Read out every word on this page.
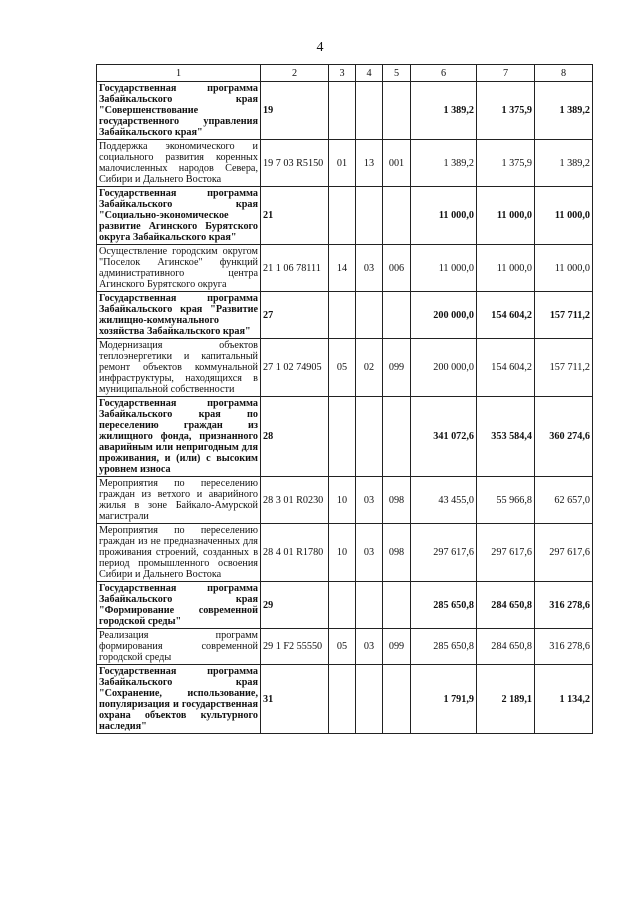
4
1	2	3	4	5	6	7	8
Государственная программа Забайкальского края "Совершенствование государственного управления Забайкальского края"	19				1 389,2	1 375,9	1 389,2
Поддержка экономического и социального развития коренных малочисленных народов Севера, Сибири и Дальнего Востока	19 7 03 R5150	01	13	001	1 389,2	1 375,9	1 389,2
Государственная программа Забайкальского края "Социально-экономическое развитие Агинского Бурятского округа Забайкальского края"	21				11 000,0	11 000,0	11 000,0
Осуществление городским округом "Поселок Агинское" функций административного центра Агинского Бурятского округа	21 1 06 78111	14	03	006	11 000,0	11 000,0	11 000,0
Государственная программа Забайкальского края "Развитие жилищно-коммунального хозяйства Забайкальского края"	27				200 000,0	154 604,2	157 711,2
Модернизация объектов теплоэнергетики и капитальный ремонт объектов коммунальной инфраструктуры, находящихся в муниципальной собственности	27 1 02 74905	05	02	099	200 000,0	154 604,2	157 711,2
Государственная программа Забайкальского края по переселению граждан из жилищного фонда, признанного аварийным или непригодным для проживания, и (или) с высоким уровнем износа	28				341 072,6	353 584,4	360 274,6
Мероприятия по переселению граждан из ветхого и аварийного жилья в зоне Байкало-Амурской магистрали	28 3 01 R0230	10	03	098	43 455,0	55 966,8	62 657,0
Мероприятия по переселению граждан из не предназначенных для проживания строений, созданных в период промышленного освоения Сибири и Дальнего Востока	28 4 01 R1780	10	03	098	297 617,6	297 617,6	297 617,6
Государственная программа Забайкальского края "Формирование современной городской среды"	29				285 650,8	284 650,8	316 278,6
Реализация программ формирования современной городской среды	29 1 F2 55550	05	03	099	285 650,8	284 650,8	316 278,6
Государственная программа Забайкальского края "Сохранение, использование, популяризация и государственная охрана объектов культурного наследия"	31				1 791,9	2 189,1	1 134,2
